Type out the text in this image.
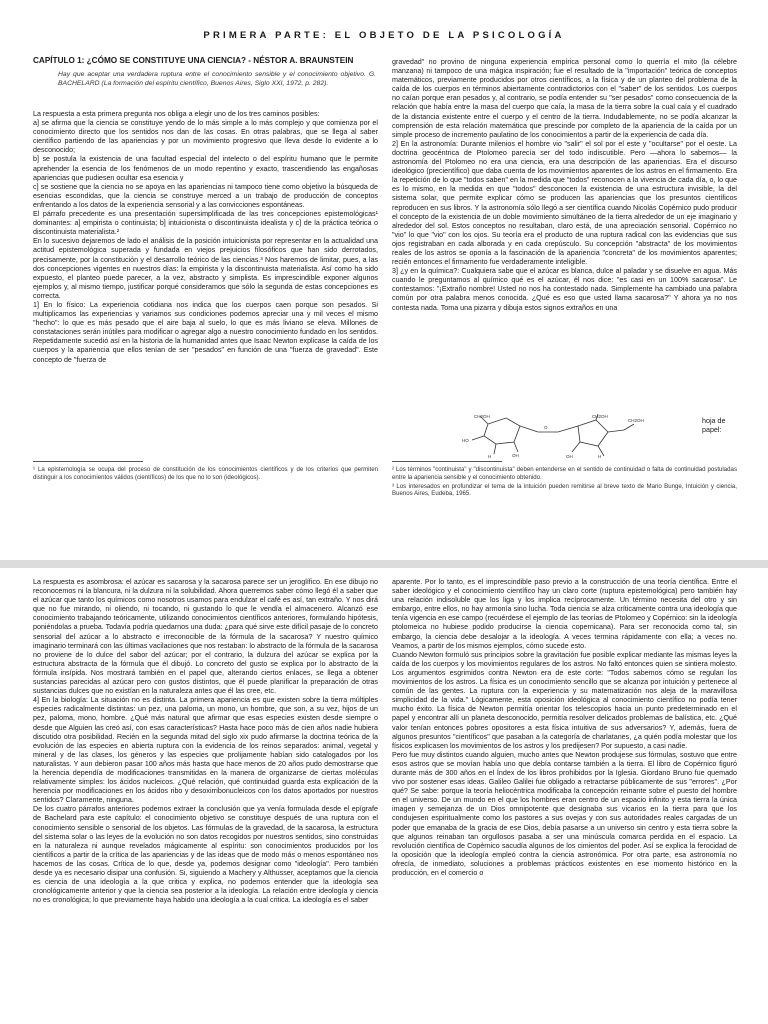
PRIMERA PARTE: EL OBJETO DE LA PSICOLOGÍA
CAPÍTULO 1: ¿CÓMO SE CONSTITUYE UNA CIENCIA? - NÉSTOR A. BRAUNSTEIN
Hay que aceptar una verdadera ruptura entre el conocimiento sensible y el conocimiento objetivo. G. BACHELARD (La formación del espíritu científico, Buenos Aires, Siglo XXI, 1972, p. 282).

La respuesta a esta primera pregunta nos obliga a elegir uno de los tres caminos posibles:

a] se afirma que la ciencia se constituye yendo de lo más simple a lo más complejo y que comienza por el conocimiento directo que los sentidos nos dan de las cosas. En otras palabras, que se llega al saber científico partiendo de las apariencias y por un movimiento progresivo que lleva desde lo evidente a lo desconocido;

b] se postula la existencia de una facultad especial del intelecto o del espíritu humano que le permite aprehender la esencia de los fenómenos de un modo repentino y exacto, trascendiendo las engañosas apariencias que pudiesen ocultar esa esencia y

c] se sostiene que la ciencia no se apoya en las apariencias ni tampoco tiene como objetivo la búsqueda de esencias escondidas, que la ciencia se construye merced a un trabajo de producción de conceptos enfrentando a los datos de la experiencia sensorial y a las convicciones espontáneas.

El párrafo precedente es una presentación supersimplificada de las tres concepciones epistemológicas¹ dominantes: a] empirista o continuista; b] intuicionista o discontinuista idealista y c] de la práctica teórica o discontinuista materialista.²

En lo sucesivo dejaremos de lado el análisis de la posición intuicionista por representar en la actualidad una actitud epistemológica superada y fundada en viejos prejuicios filosóficos que han sido derrotados, precisamente, por la constitución y el desarrollo teórico de las ciencias.³ Nos haremos de limitar, pues, a las dos concepciones vigentes en nuestros días: la empirista y la discontinuista materialista. Así como ha sido expuesto, el planteo puede parecer, a la vez, abstracto y simplista. Es imprescindible exponer algunos ejemplos y, al mismo tiempo, justificar porqué consideramos que sólo la segunda de estas concepciones es correcta.

1] En lo físico: La experiencia cotidiana nos indica que los cuerpos caen porque son pesados. Si multiplicamos las experiencias y variamos sus condiciones podemos apreciar una y mil veces el mismo "hecho": lo que es más pesado que el aire baja al suelo, lo que es más liviano se eleva. Millones de constataciones serán inútiles para modificar o agregar algo a nuestro conocimiento fundado en los sentidos. Repetidamente sucedió así en la historia de la humanidad antes que Isaac Newton explicase la caída de los cuerpos y la apariencia que ellos tenían de ser "pesados" en función de una "fuerza de gravedad". Este concepto de "fuerza de

gravedad" no provino de ninguna experiencia empírica personal como lo querría el mito (la célebre manzana) ni tampoco de una mágica inspiración; fue el resultado de la "importación" teórica de conceptos matemáticos, previamente producidos por otros científicos, a la física y de un planteo del problema de la caída de los cuerpos en términos abiertamente contradictorios con el "saber" de los sentidos. Los cuerpos no caían porque eran pesados y, al contrario, se podía entender su "ser pesados" como consecuencia de la relación que había entre la masa del cuerpo que caía, la masa de la tierra sobre la cual caía y el cuadrado de la distancia existente entre el cuerpo y el centro de la tierra. Indudablemente, no se podía alcanzar la comprensión de esta relación matemática que prescinde por completo de la apariencia de la caída por un simple proceso de incremento paulatino de los conocimientos a partir de la experiencia de cada día.

2] En la astronomía: Durante milenios el hombre vio "salir" el sol por el este y "ocultarse" por el oeste. La doctrina geocéntrica de Ptolomeo parecía ser del todo indiscutible. Pero —ahora lo sabemos— la astronomía del Ptolomeo no era una ciencia, era una descripción de las apariencias. Era el discurso ideológico (precientífico) que daba cuenta de los movimientos aparentes de los astros en el firmamento. Era la repetición de lo que "todos saben" en la medida que "todos" reconocen a la vivencia de cada día, o, lo que es lo mismo, en la medida en que "todos" desconocen la existencia de una estructura invisible, la del sistema solar, que permite explicar cómo se producen las apariencias que los presuntos científicos reproducen en sus libros. Y la astronomía sólo llegó a ser científica cuando Nicolás Copérnico pudo producir el concepto de la existencia de un doble movimiento simultáneo de la tierra alrededor de un eje imaginario y alrededor del sol. Estos conceptos no resultaban, claro está, de una apreciación sensorial. Copérnico no "vio" lo que "vio" con los ojos. Su teoría era el producto de una ruptura radical con las evidencias que sus ojos registraban en cada alborada y en cada crepúsculo. Su concepción "abstracta" de los movimientos reales de los astros se oponía a la fascinación de la apariencia "concreta" de los movimientos aparentes; recién entonces el firmamento fue verdaderamente inteligible.

3] ¿y en la química?: Cualquiera sabe que el azúcar es blanca, dulce al paladar y se disuelve en agua. Más cuando le preguntamos al químico qué es el azúcar, él nos dice: "es casi en un 100% sacarosa". Le contestamos: "¡Extraño nombre! Usted no nos ha contestado nada. Simplemente ha cambiado una palabra común por otra palabra menos conocida. ¿Qué es eso que usted llama sacarosa?" Y ahora ya no nos contesta nada. Toma una pizarra y dibuja estos signos extraños en una

hoja de papel:
CH2OH
HO
OH
H
O
CH2OH
CH2OH
H
OH

¹ La epistemología se ocupa del proceso de constitución de los conocimientos científicos y de los criterios que permiten distinguir a los conocimientos válidos (científicos) de los que no lo son (ideológicos).

² Los términos "continuista" y "discontinuista" deben entenderse en el sentido de continuidad o falta de continuidad postuladas entre la apariencia sensible y el conocimiento obtenido.

³ Los interesados en profundizar el tema de la intuición pueden remitirse al breve texto de Mario Bunge, Intuición y ciencia, Buenos Aires, Eudeba, 1965.

La respuesta es asombrosa: el azúcar es sacarosa y la sacarosa parece ser un jeroglífico. En ese dibujo no reconocemos ni la blancura, ni la dulzura ni la solubilidad. Ahora querremos saber cómo llegó él a saber que el azúcar que tanto los químicos como nosotros usamos para endulzar el café es así, tan extraño. Y nos dirá que no fue mirando, ni oliendo, ni tocando, ni gustando lo que le vendía el almacenero. Alcanzó ese conocimiento trabajando teóricamente, utilizando conocimientos científicos anteriores, formulando hipótesis, poniéndolas a prueba. Todavía podría quedarnos una duda: ¿para qué sirve este difícil pasaje de lo concreto sensorial del azúcar a lo abstracto e irreconocible de la fórmula de la sacarosa? Y nuestro químico imaginario terminará con las últimas vacilaciones que nos restaban: lo abstracto de la fórmula de la sacarosa no proviene de lo dulce del sabor del azúcar; por el contrario, la dulzura del azúcar se explica por la estructura abstracta de la fórmula que él dibujó. Lo concreto del gusto se explica por lo abstracto de la fórmula insípida. Nos mostrará también en el papel que, alterando ciertos enlaces, se llega a obtener sustancias parecidas al azúcar pero con gustos distintos, que él puede planificar la preparación de otras sustancias dulces que no existían en la naturaleza antes que él las cree, etc.

4] En la biología: La situación no es distinta. La primera apariencia es que existen sobre la tierra múltiples especies radicalmente distintas: un pez, una paloma, un mono, un hombre, que son, a su vez, hijos de un pez, paloma, mono, hombre. ¿Qué más natural que afirmar que esas especies existen desde siempre o desde que Alguien las creó así, con esas características? Hasta hace poco más de cien años nadie hubiera discutido otra posibilidad. Recién en la segunda mitad del siglo xix pudo afirmarse la doctrina teórica de la evolución de las especies en abierta ruptura con la evidencia de los reinos separados: animal, vegetal y mineral y de las clases, los géneros y las especies que prolijamente habían sido catalogados por los naturalistas. Y aun debieron pasar 100 años más hasta que hace menos de 20 años pudo demostrarse que la herencia dependía de modificaciones transmitidas en la manera de organizarse de ciertas moléculas relativamente simples: los ácidos nucleicos. ¿Qué relación, qué continuidad guarda esta explicación de la herencia por modificaciones en los ácidos ribo y desoxirribonucleicos con los datos aportados por nuestros sentidos? Claramente, ninguna.

De los cuatro párrafos anteriores podemos extraer la conclusión que ya venía formulada desde el epígrafe de Bachelard para este capítulo: el conocimiento objetivo se constituye después de una ruptura con el conocimiento sensible o sensorial de los objetos. Las fórmulas de la gravedad, de la sacarosa, la estructura del sistema solar o las leyes de la evolución no son datos recogidos por nuestros sentidos, sino construidas en la naturaleza ni aunque revelados mágicamente al espíritu: son conocimientos producidos por los científicos a partir de la crítica de las apariencias y de las ideas que de modo más o menos espontáneo nos hacemos de las cosas. Crítica de lo que, desde ya, podemos designar como "ideología". Pero también desde ya es necesario disipar una confusión. Si, siguiendo a Machery y Althusser, aceptamos que la ciencia es ciencia de una ideología a la que critica y explica, no podemos entender que la ideología sea cronológicamente anterior y que la ciencia sea posterior a la ideología. La relación entre ideología y ciencia no es cronológica; lo que previamente haya habido una ideología a la cual critica. La ideología es el saber

aparente. Por lo tanto, es el imprescindible paso previo a la construcción de una teoría científica. Entre el saber ideológico y el conocimiento científico hay un claro corte (ruptura epistemológica) pero también hay una relación indisoluble que los liga y los implica recíprocamente. Un término necesita del otro y sin embargo, entre ellos, no hay armonía sino lucha. Toda ciencia se alza críticamente contra una ideología que tenía vigencia en ese campo (recuérdese el ejemplo de las teorías de Ptolomeo y Copérnico: sin la ideología ptolomeica no hubiese podido producirse la ciencia copernicana). Para ser reconocida como tal, sin embargo, la ciencia debe desalojar a la ideología. A veces termina rápidamente con ella; a veces no. Veamos, a partir de los mismos ejemplos, cómo sucede esto.

Cuando Newton formuló sus principios sobre la gravitación fue posible explicar mediante las mismas leyes la caída de los cuerpos y los movimientos regulares de los astros. No faltó entonces quien se sintiera molesto. Los argumentos esgrimidos contra Newton era de este corte: "Todos sabemos cómo se regulan los movimientos de los astros. La física es un conocimiento sencillo que se alcanza por intuición y pertenece al común de las gentes. La ruptura con la experiencia y su matematización nos aleja de la maravillosa simplicidad de la vida." Lógicamente, esta oposición ideológica al conocimiento científico no podía tener mucho éxito. La física de Newton permitía orientar los telescopios hacia un punto predeterminado en el papel y encontrar allí un planeta desconocido, permitía resolver delicados problemas de balística, etc. ¿Qué valor tenían entonces pobres opositores a esta física intuitiva de sus adversarios? Y, además, fuera de algunos presuntos "científicos" que pasaban a la categoría de charlatanes, ¿a quién podía molestar que los físicos explicasen los movimientos de los astros y los predijesen? Por supuesto, a casi nadie.

Pero fue muy distintos cuando alguien, mucho antes que Newton produjese sus fórmulas, sostuvo que entre esos astros que se movían había uno que debía contarse también a la tierra. El libro de Copérnico figuró durante más de 300 años en el Índex de los libros prohibidos por la Iglesia. Giordano Bruno fue quemado vivo por sostener esas ideas. Galileo Galilei fue obligado a retractarse públicamente de sus "errores". ¿Por qué? Se sabe: porque la teoría heliocéntrica modificaba la concepción reinante sobre el puesto del hombre en el universo. De un mundo en el que los hombres eran centro de un espacio infinito y esta tierra la única imagen y semejanza de un Dios omnipotente que designaba sus vicarios en la tierra para que los condujesen espiritualmente como los pastores a sus ovejas y con sus autoridades reales cargadas de un poder que emanaba de la gracia de ese Dios, debía pasarse a un universo sin centro y esta tierra sobre la que algunos reinaban tan orgullosos pasaba a ser una minúscula comarca perdida en el espacio. La revolución científica de Copérnico sacudía algunos de los cimientos del poder. Así se explica la ferocidad de la oposición que la ideología empleó contra la ciencia astronómica. Por otra parte, esa astronomía no ofrecía, de inmediato, soluciones a problemas prácticos existentes en ese momento histórico en la producción, en el comercio o
